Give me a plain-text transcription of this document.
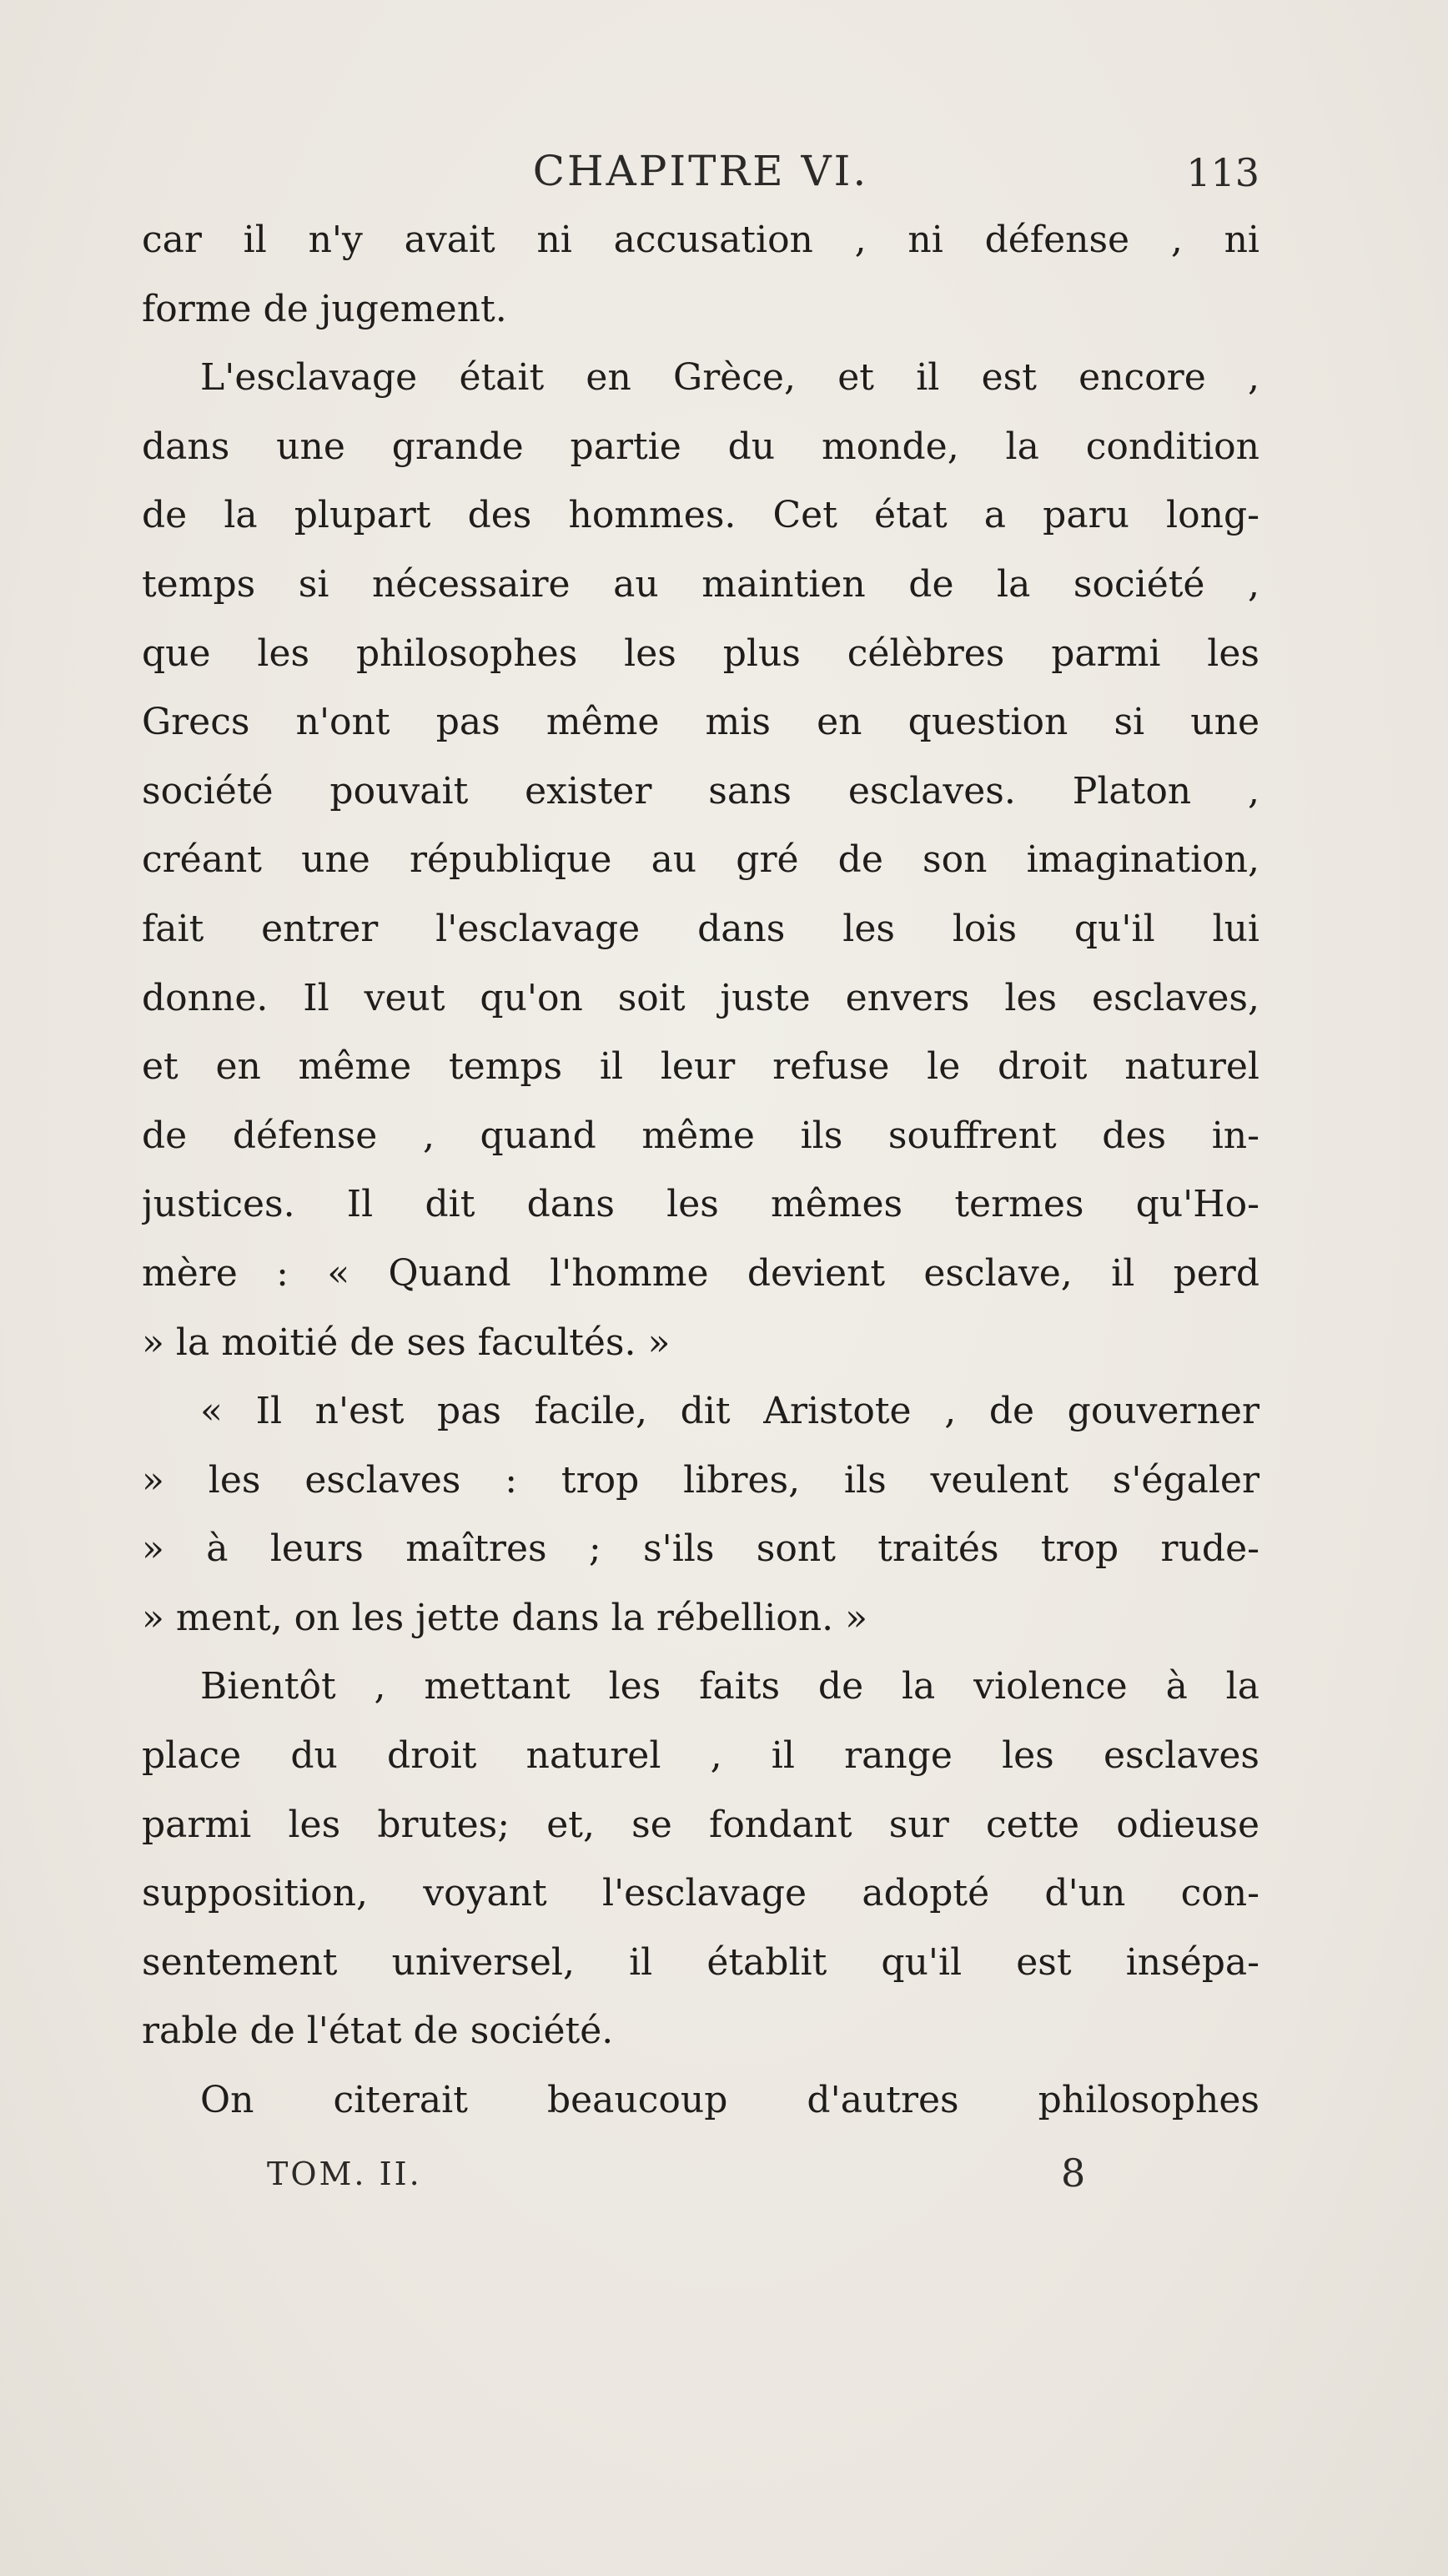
CHAPITRE VI.	113
car il n'y avait ni accusation , ni défense , ni
forme de jugement.
L'esclavage était en Grèce, et il est encore ,
dans une grande partie du monde, la condition
de la plupart des hommes. Cet état a paru long-
temps si nécessaire au maintien de la société ,
que les philosophes les plus célèbres parmi les
Grecs n'ont pas même mis en question si une
société pouvait exister sans esclaves. Platon ,
créant une république au gré de son imagination,
fait entrer l'esclavage dans les lois qu'il lui
donne. Il veut qu'on soit juste envers les esclaves,
et en même temps il leur refuse le droit naturel
de défense , quand même ils souffrent des in-
justices. Il dit dans les mêmes termes qu'Ho-
mère : « Quand l'homme devient esclave, il perd
» la moitié de ses facultés. »
« Il n'est pas facile, dit Aristote , de gouverner
» les esclaves : trop libres, ils veulent s'égaler
» à leurs maîtres ; s'ils sont traités trop rude-
» ment, on les jette dans la rébellion. »
Bientôt , mettant les faits de la violence à la
place du droit naturel , il range les esclaves
parmi les brutes; et, se fondant sur cette odieuse
supposition, voyant l'esclavage adopté d'un con-
sentement universel, il établit qu'il est insépa-
rable de l'état de société.
On citerait beaucoup d'autres philosophes
TOM. II.	8
